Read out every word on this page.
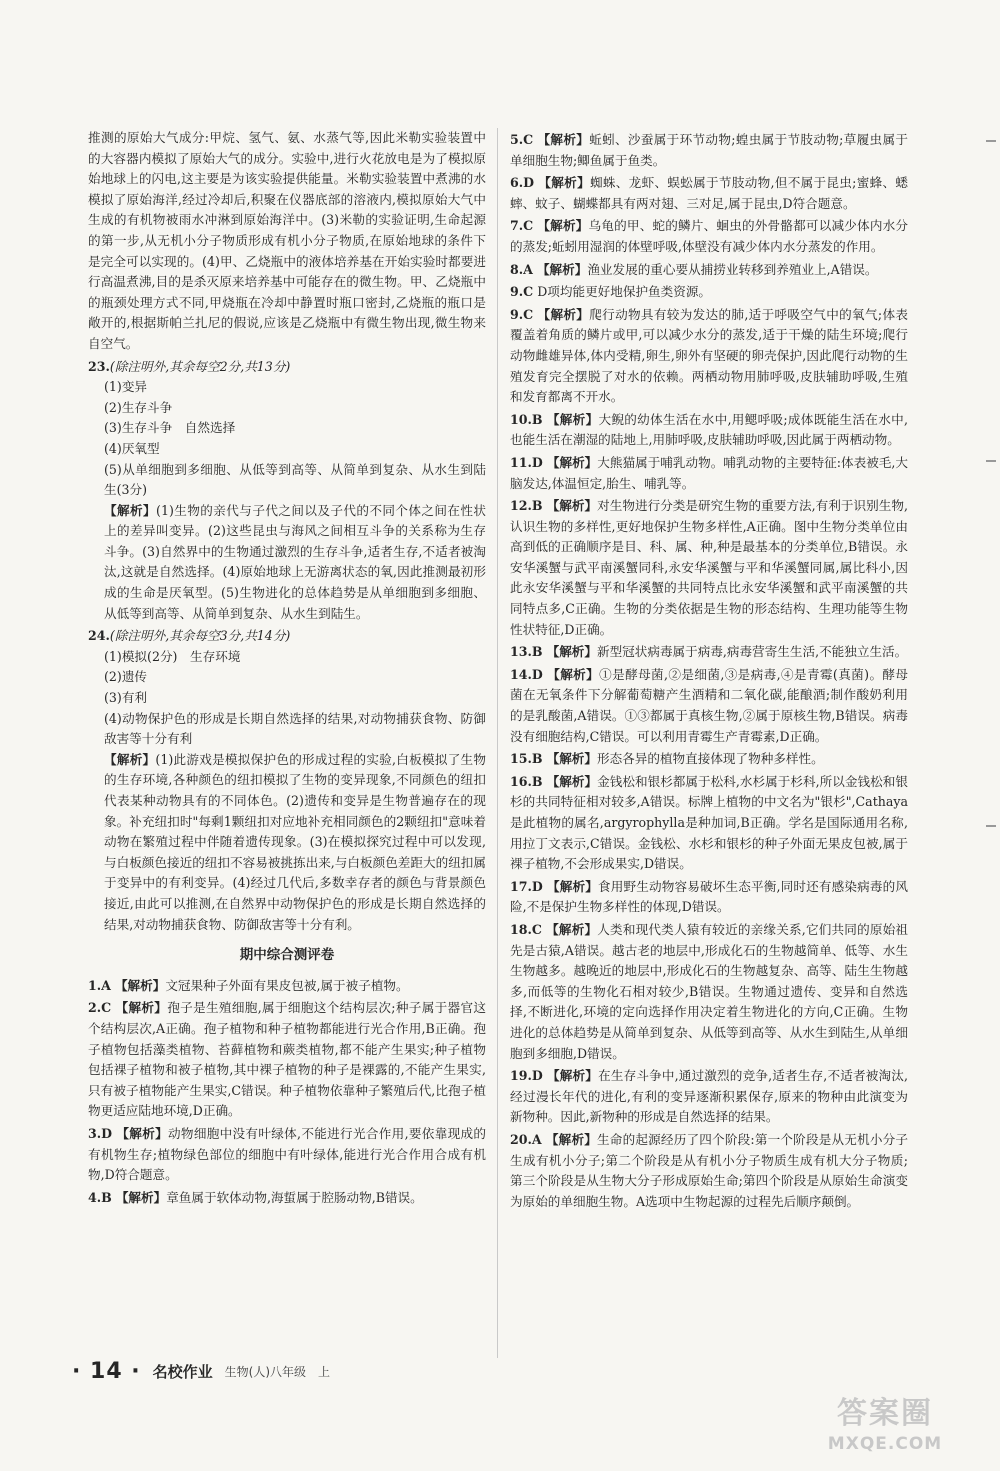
推测的原始大气成分:甲烷、氢气、氨、水蒸气等,因此米勒实验装置中的大容器内模拟了原始大气的成分。实验中,进行火花放电是为了模拟原始地球上的闪电,这主要是为该实验提供能量。米勒实验装置中煮沸的水模拟了原始海洋,经过冷却后,积聚在仪器底部的溶液内,模拟原始大气中生成的有机物被雨水冲淋到原始海洋中。(3)米勒的实验证明,生命起源的第一步,从无机小分子物质形成有机小分子物质,在原始地球的条件下是完全可以实现的。(4)甲、乙烧瓶中的液体培养基在开始实验时都要进行高温煮沸,目的是杀灭原来培养基中可能存在的微生物。甲、乙烧瓶中的瓶颈处理方式不同,甲烧瓶在冷却中静置时瓶口密封,乙烧瓶的瓶口是敞开的,根据斯帕兰扎尼的假说,应该是乙烧瓶中有微生物出现,微生物来自空气。

23.(除注明外,其余每空2分,共13分)

(1)变异

(2)生存斗争

(3)生存斗争　自然选择

(4)厌氧型

(5)从单细胞到多细胞、从低等到高等、从简单到复杂、从水生到陆生(3分)

【解析】(1)生物的亲代与子代之间以及子代的不同个体之间在性状上的差异叫变异。(2)这些昆虫与海风之间相互斗争的关系称为生存斗争。(3)自然界中的生物通过激烈的生存斗争,适者生存,不适者被淘汰,这就是自然选择。(4)原始地球上无游离状态的氧,因此推测最初形成的生命是厌氧型。(5)生物进化的总体趋势是从单细胞到多细胞、从低等到高等、从简单到复杂、从水生到陆生。

24.(除注明外,其余每空3分,共14分)

(1)模拟(2分)　生存环境

(2)遗传

(3)有利

(4)动物保护色的形成是长期自然选择的结果,对动物捕获食物、防御敌害等十分有利

【解析】(1)此游戏是模拟保护色的形成过程的实验,白板模拟了生物的生存环境,各种颜色的纽扣模拟了生物的变异现象,不同颜色的纽扣代表某种动物具有的不同体色。(2)遗传和变异是生物普遍存在的现象。补充纽扣时"每剩1颗纽扣对应地补充相同颜色的2颗纽扣"意味着动物在繁殖过程中伴随着遗传现象。(3)在模拟探究过程中可以发现,与白板颜色接近的纽扣不容易被挑拣出来,与白板颜色差距大的纽扣属于变异中的有利变异。(4)经过几代后,多数幸存者的颜色与背景颜色接近,由此可以推测,在自然界中动物保护色的形成是长期自然选择的结果,对动物捕获食物、防御敌害等十分有利。

期中综合测评卷

1.A 【解析】文冠果种子外面有果皮包被,属于被子植物。

2.C 【解析】孢子是生殖细胞,属于细胞这个结构层次;种子属于器官这个结构层次,A正确。孢子植物和种子植物都能进行光合作用,B正确。孢子植物包括藻类植物、苔藓植物和蕨类植物,都不能产生果实;种子植物包括裸子植物和被子植物,其中裸子植物的种子是裸露的,不能产生果实,只有被子植物能产生果实,C错误。种子植物依靠种子繁殖后代,比孢子植物更适应陆地环境,D正确。

3.D 【解析】动物细胞中没有叶绿体,不能进行光合作用,要依靠现成的有机物生存;植物绿色部位的细胞中有叶绿体,能进行光合作用合成有机物,D符合题意。

4.B 【解析】章鱼属于软体动物,海蜇属于腔肠动物,B错误。

5.C 【解析】蚯蚓、沙蚕属于环节动物;蝗虫属于节肢动物;草履虫属于单细胞生物;鲫鱼属于鱼类。

6.D 【解析】蜘蛛、龙虾、蜈蚣属于节肢动物,但不属于昆虫;蜜蜂、蟋蟀、蚊子、蝴蝶都具有两对翅、三对足,属于昆虫,D符合题意。

7.C 【解析】乌龟的甲、蛇的鳞片、蛔虫的外骨骼都可以减少体内水分的蒸发;蚯蚓用湿润的体壁呼吸,体壁没有减少体内水分蒸发的作用。

8.A 【解析】渔业发展的重心要从捕捞业转移到养殖业上,A错误。

9.C D项均能更好地保护鱼类资源。

9.C 【解析】爬行动物具有较为发达的肺,适于呼吸空气中的氧气;体表覆盖着角质的鳞片或甲,可以减少水分的蒸发,适于干燥的陆生环境;爬行动物雌雄异体,体内受精,卵生,卵外有坚硬的卵壳保护,因此爬行动物的生殖发育完全摆脱了对水的依赖。两栖动物用肺呼吸,皮肤辅助呼吸,生殖和发育都离不开水。

10.B 【解析】大鲵的幼体生活在水中,用鳃呼吸;成体既能生活在水中,也能生活在潮湿的陆地上,用肺呼吸,皮肤辅助呼吸,因此属于两栖动物。

11.D 【解析】大熊猫属于哺乳动物。哺乳动物的主要特征:体表被毛,大脑发达,体温恒定,胎生、哺乳等。

12.B 【解析】对生物进行分类是研究生物的重要方法,有利于识别生物,认识生物的多样性,更好地保护生物多样性,A正确。图中生物分类单位由高到低的正确顺序是目、科、属、种,种是最基本的分类单位,B错误。永安华溪蟹与武平南溪蟹同科,永安华溪蟹与平和华溪蟹同属,属比科小,因此永安华溪蟹与平和华溪蟹的共同特点比永安华溪蟹和武平南溪蟹的共同特点多,C正确。生物的分类依据是生物的形态结构、生理功能等生物性状特征,D正确。

13.B 【解析】新型冠状病毒属于病毒,病毒营寄生生活,不能独立生活。

14.D 【解析】①是酵母菌,②是细菌,③是病毒,④是青霉(真菌)。酵母菌在无氧条件下分解葡萄糖产生酒精和二氧化碳,能酿酒;制作酸奶利用的是乳酸菌,A错误。①③都属于真核生物,②属于原核生物,B错误。病毒没有细胞结构,C错误。可以利用青霉生产青霉素,D正确。

15.B 【解析】形态各异的植物直接体现了物种多样性。

16.B 【解析】金钱松和银杉都属于松科,水杉属于杉科,所以金钱松和银杉的共同特征相对较多,A错误。标牌上植物的中文名为"银杉",Cathaya是此植物的属名,argyrophylla是种加词,B正确。学名是国际通用名称,用拉丁文表示,C错误。金钱松、水杉和银杉的种子外面无果皮包被,属于裸子植物,不会形成果实,D错误。

17.D 【解析】食用野生动物容易破坏生态平衡,同时还有感染病毒的风险,不是保护生物多样性的体现,D错误。

18.C 【解析】人类和现代类人猿有较近的亲缘关系,它们共同的原始祖先是古猿,A错误。越古老的地层中,形成化石的生物越简单、低等、水生生物越多。越晚近的地层中,形成化石的生物越复杂、高等、陆生生物越多,而低等的生物化石相对较少,B错误。生物通过遗传、变异和自然选择,不断进化,环境的定向选择作用决定着生物进化的方向,C正确。生物进化的总体趋势是从简单到复杂、从低等到高等、从水生到陆生,从单细胞到多细胞,D错误。

19.D 【解析】在生存斗争中,通过激烈的竞争,适者生存,不适者被淘汰,经过漫长年代的进化,有利的变异逐渐积累保存,原来的物种由此演变为新物种。因此,新物种的形成是自然选择的结果。

20.A 【解析】生命的起源经历了四个阶段:第一个阶段是从无机小分子生成有机小分子;第二个阶段是从有机小分子物质生成有机大分子物质;第三个阶段是从生物大分子形成原始生命;第四个阶段是从原始生命演变为原始的单细胞生物。A选项中生物起源的过程先后顺序颠倒。

· 14 · 名校作业 生物(人)八年级　上
答案圈
MXQE.COM
